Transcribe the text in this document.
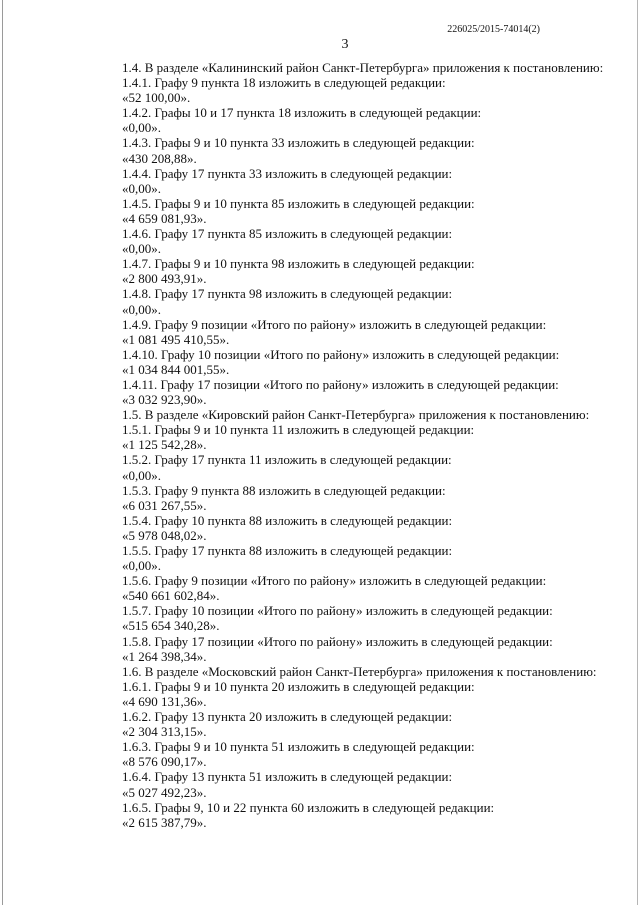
226025/2015-74014(2)
3
1.4. В разделе «Калининский район Санкт-Петербурга» приложения к постановлению:
1.4.1. Графу 9 пункта 18 изложить в следующей редакции:
«52 100,00».
1.4.2. Графы 10 и 17 пункта 18 изложить в следующей редакции:
«0,00».
1.4.3. Графы 9 и 10 пункта 33 изложить в следующей редакции:
«430 208,88».
1.4.4. Графу 17 пункта 33 изложить в следующей редакции:
«0,00».
1.4.5. Графы 9 и 10 пункта 85 изложить в следующей редакции:
«4 659 081,93».
1.4.6. Графу 17 пункта 85 изложить в следующей редакции:
«0,00».
1.4.7. Графы 9 и 10 пункта 98 изложить в следующей редакции:
«2 800 493,91».
1.4.8. Графу 17 пункта 98 изложить в следующей редакции:
«0,00».
1.4.9. Графу 9 позиции «Итого по району» изложить в следующей редакции:
«1 081 495 410,55».
1.4.10. Графу 10 позиции «Итого по району» изложить в следующей редакции:
«1 034 844 001,55».
1.4.11. Графу 17 позиции «Итого по району» изложить в следующей редакции:
«3 032 923,90».
1.5. В разделе «Кировский район Санкт-Петербурга» приложения к постановлению:
1.5.1. Графы 9 и 10 пункта 11 изложить в следующей редакции:
«1 125 542,28».
1.5.2. Графу 17 пункта 11 изложить в следующей редакции:
«0,00».
1.5.3. Графу 9 пункта 88 изложить в следующей редакции:
«6 031 267,55».
1.5.4. Графу 10 пункта 88 изложить в следующей редакции:
«5 978 048,02».
1.5.5. Графу 17 пункта 88 изложить в следующей редакции:
«0,00».
1.5.6. Графу 9 позиции «Итого по району» изложить в следующей редакции:
«540 661 602,84».
1.5.7. Графу 10 позиции «Итого по району» изложить в следующей редакции:
«515 654 340,28».
1.5.8. Графу 17 позиции «Итого по району» изложить в следующей редакции:
«1 264 398,34».
1.6. В разделе «Московский район Санкт-Петербурга» приложения к постановлению:
1.6.1. Графы 9 и 10 пункта 20 изложить в следующей редакции:
«4 690 131,36».
1.6.2. Графу 13 пункта 20 изложить в следующей редакции:
«2 304 313,15».
1.6.3. Графы 9 и 10 пункта 51 изложить в следующей редакции:
«8 576 090,17».
1.6.4. Графу 13 пункта 51 изложить в следующей редакции:
«5 027 492,23».
1.6.5. Графы 9, 10 и 22 пункта 60 изложить в следующей редакции:
«2 615 387,79».
